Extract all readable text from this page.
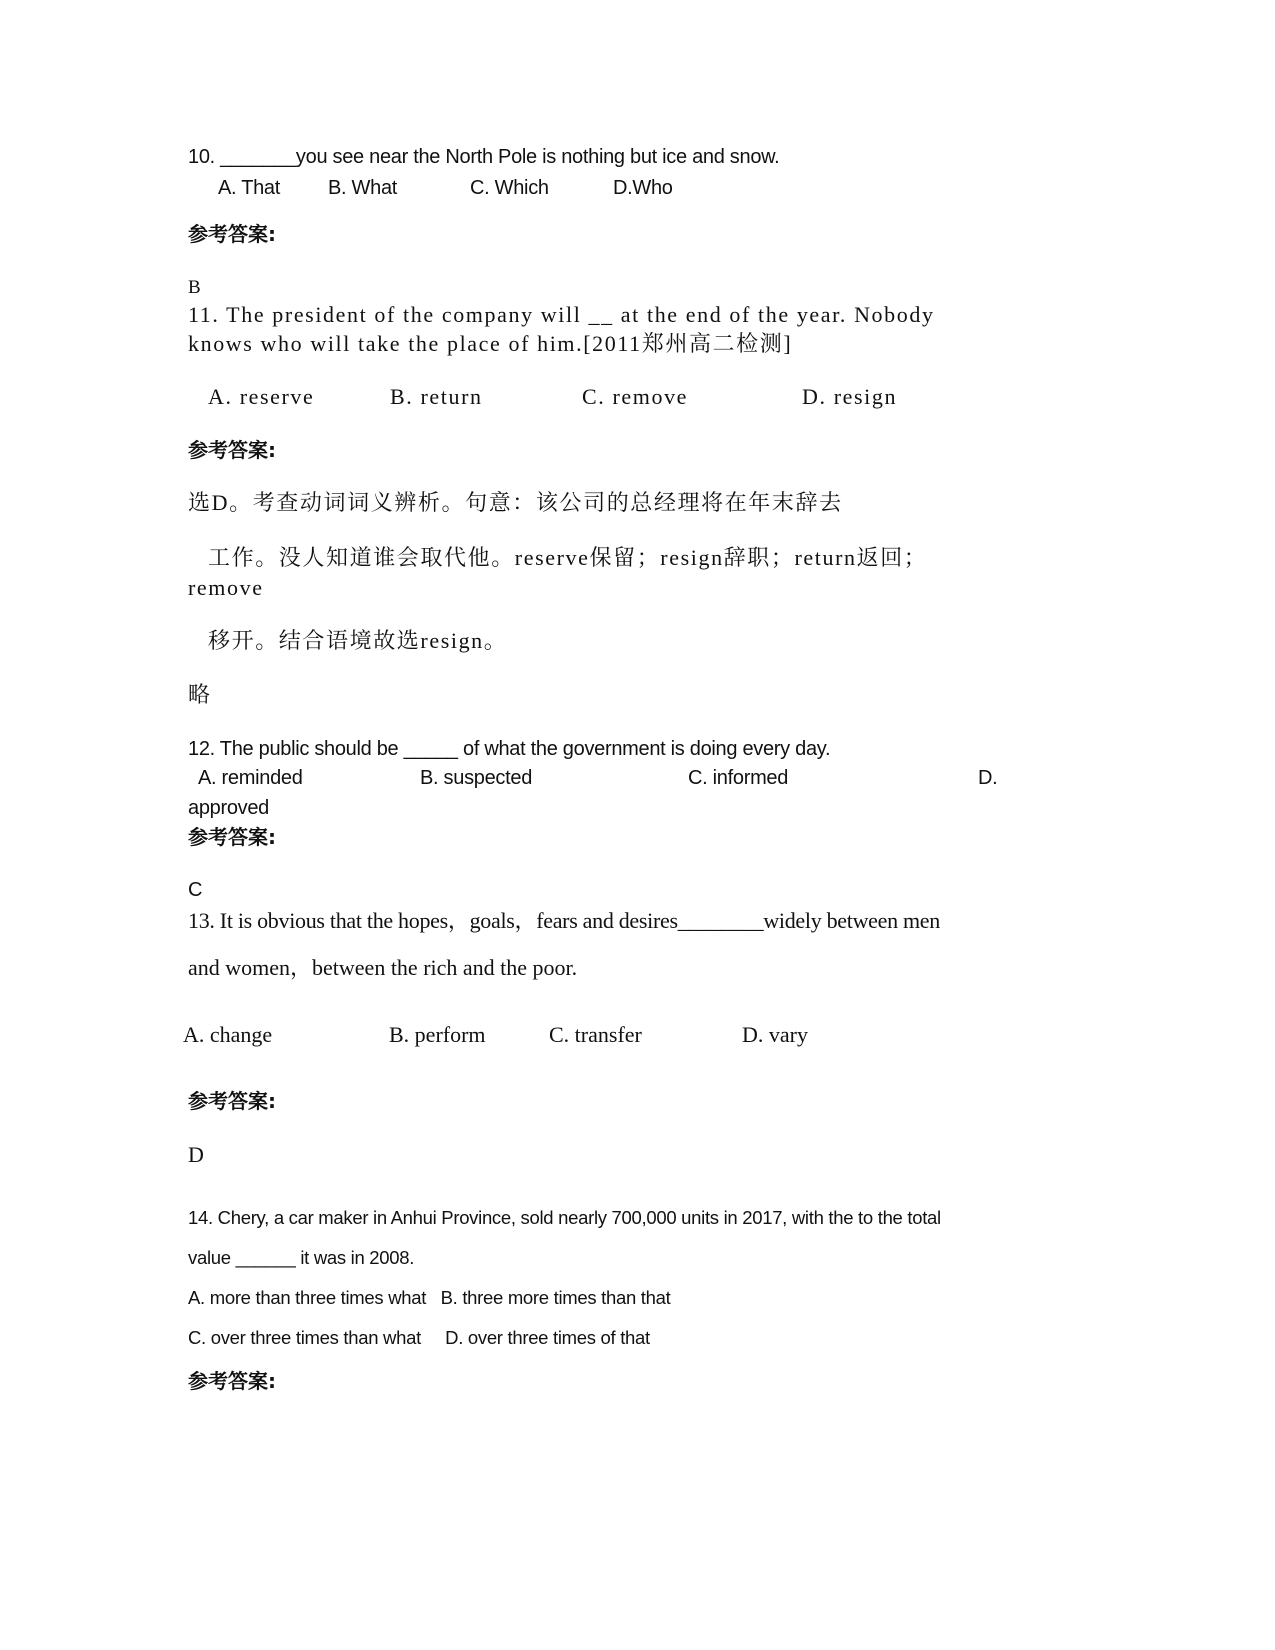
10. _______you see near the North Pole is nothing but ice and snow.
A. That B. What	C. Which	D.Who
参考答案:
B
11. The president of the company will __ at the end of the year. Nobody
knows who will take the place of him.[2011郑州高二检测]
A. reserve	B. return	C. remove	D. resign
参考答案:
选D。考查动词词义辨析。句意：该公司的总经理将在年末辞去
工作。没人知道谁会取代他。reserve保留；resign辞职；return返回；
remove
移开。结合语境故选resign。
略
12. The public should be _____ of what the government is doing every day.
A. reminded	B. suspected	C. informed	D.
approved
参考答案:
C
13. It is obvious that the hopes，goals，fears and desires________widely between men
and women，between the rich and the poor.
A. change	B. perform	C. transfer	D. vary
参考答案:
D
14. Chery, a car maker in Anhui Province, sold nearly 700,000 units in 2017, with the to the total
value ______ it was in 2008.
A. more than three times what   B. three more times than that
C. over three times than what     D. over three times of that
参考答案:
